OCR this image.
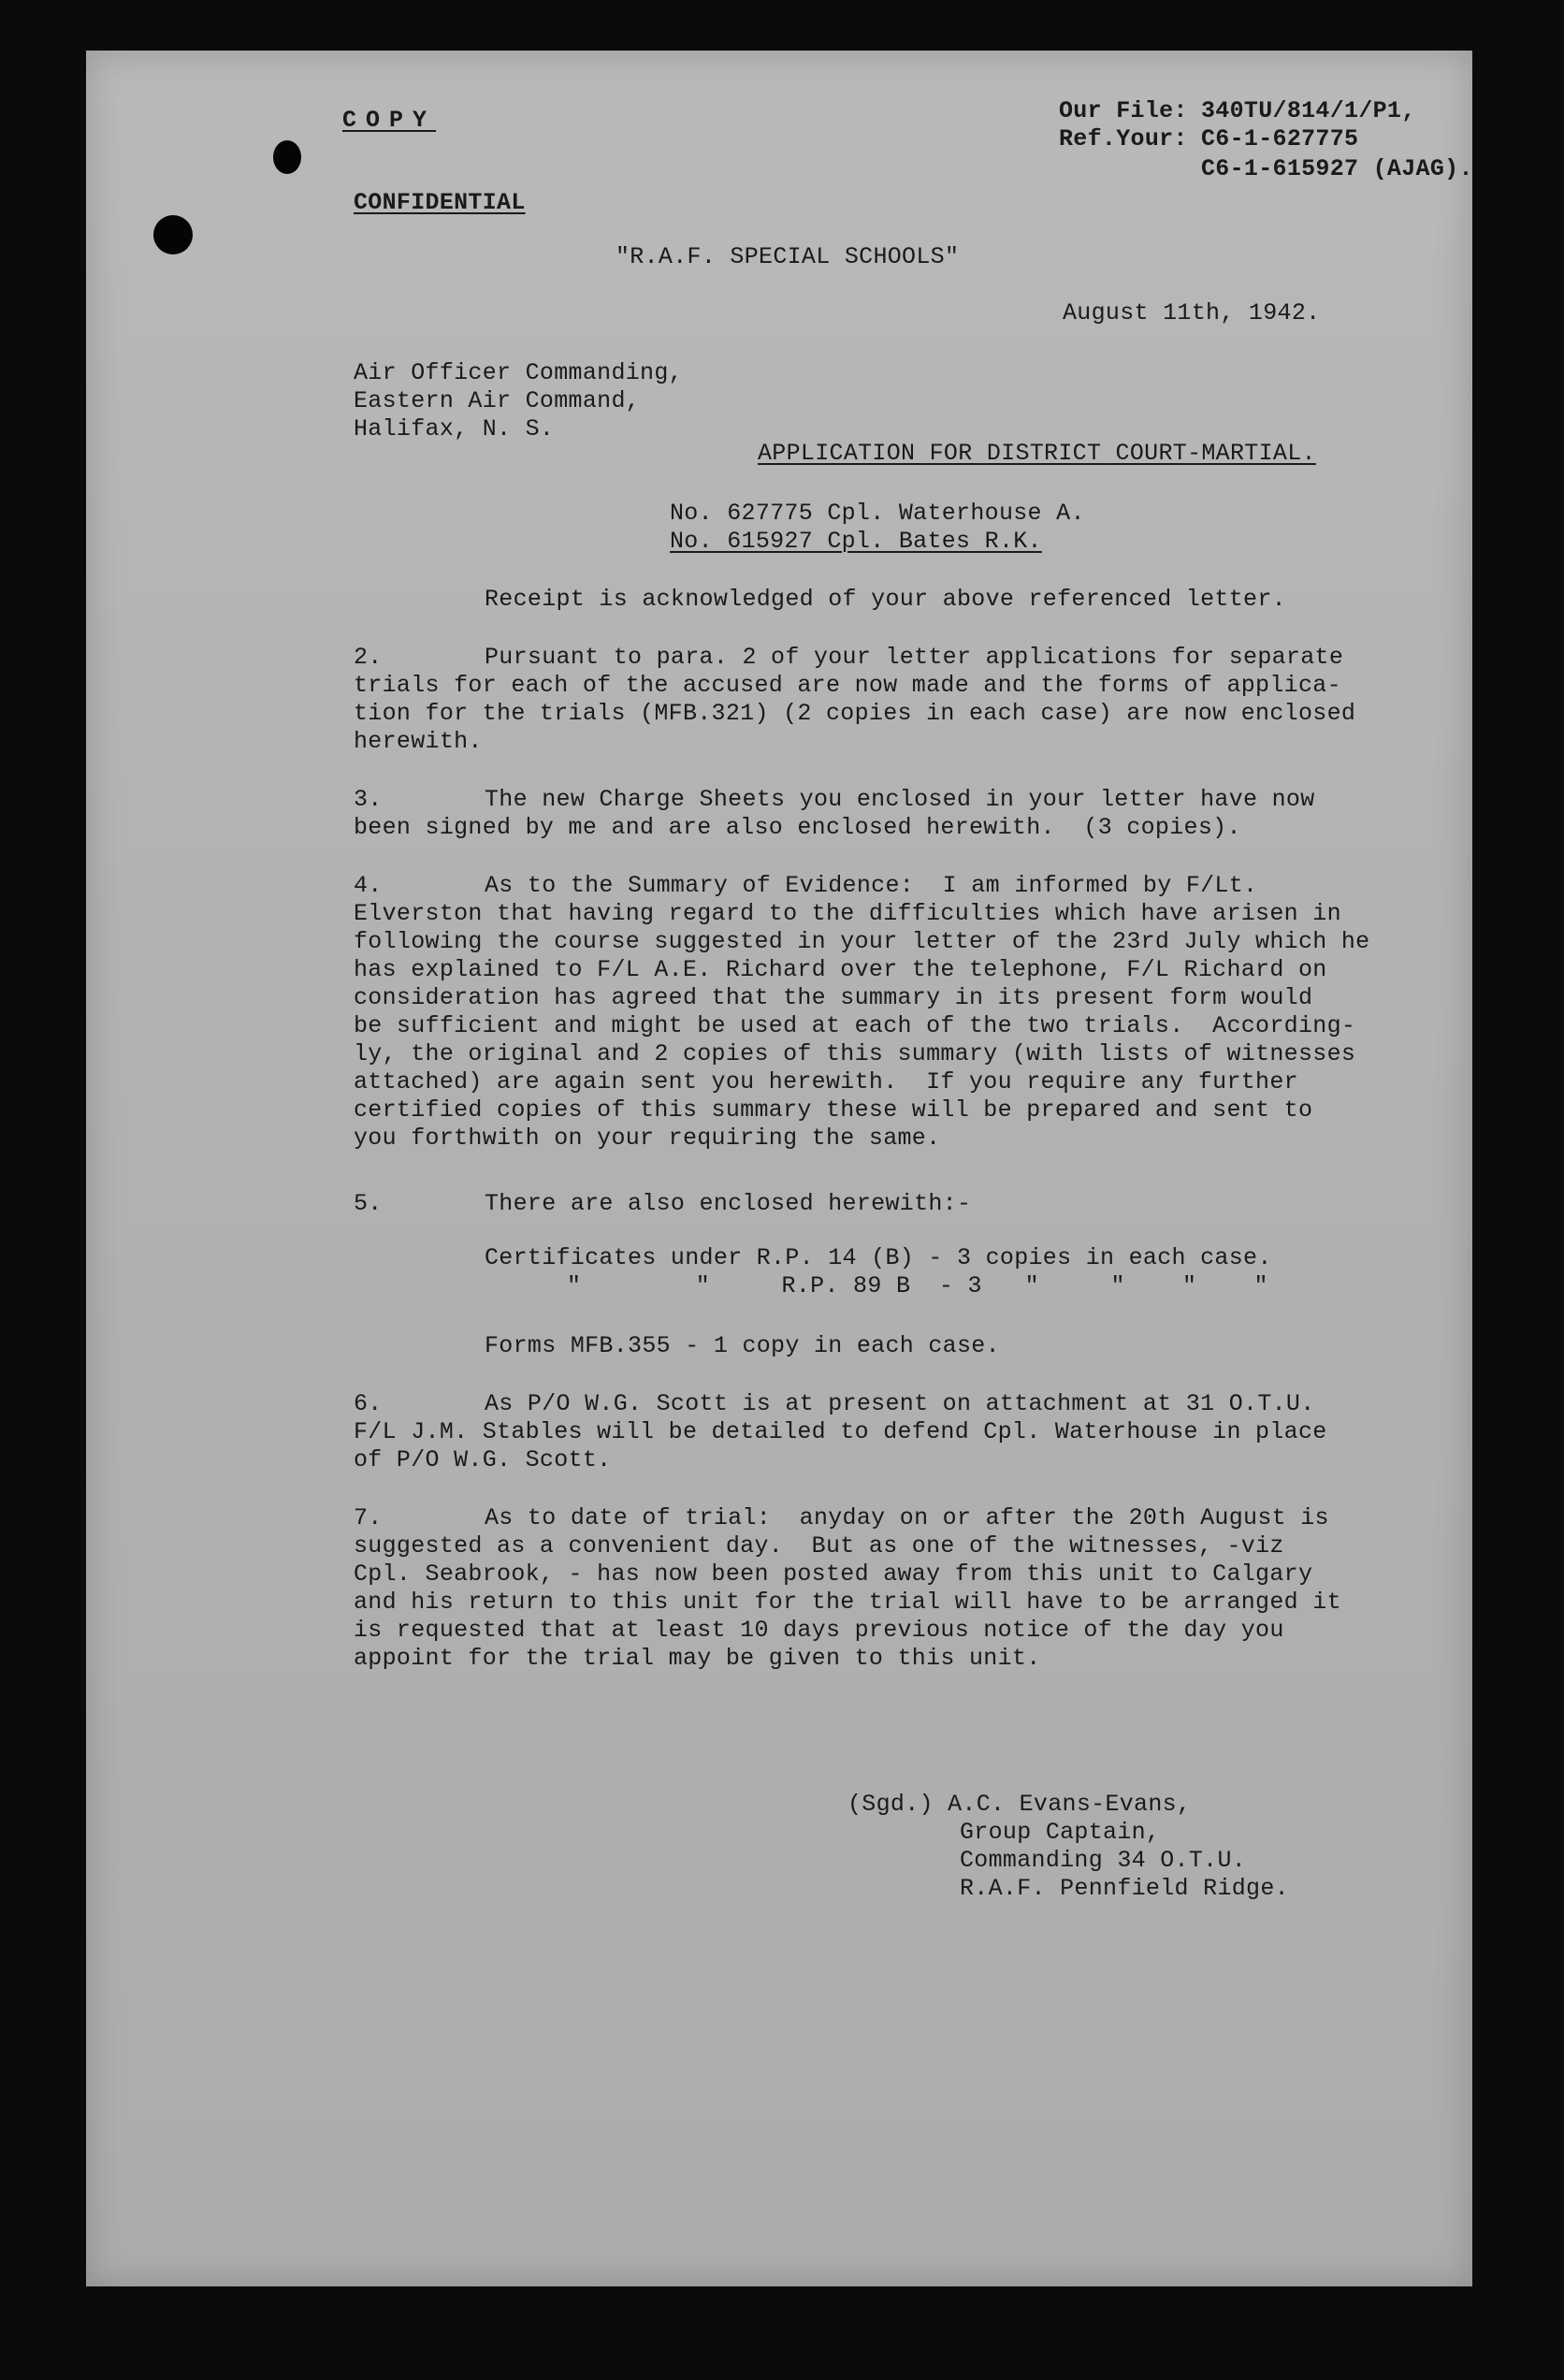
COPY
CONFIDENTIAL
"R.A.F. SPECIAL SCHOOLS"
Our File: 340TU/814/1/P1,
Ref.Your: C6-1-627775
C6-1-615927 (AJAG).
August 11th, 1942.
Air Officer Commanding,
Eastern Air Command,
Halifax, N. S.
APPLICATION FOR DISTRICT COURT-MARTIAL.
No. 627775 Cpl. Waterhouse A.
No. 615927 Cpl. Bates R.K.
Receipt is acknowledged of your above referenced letter.
2.	Pursuant to para. 2 of your letter applications for separate
trials for each of the accused are now made and the forms of applica-
tion for the trials (MFB.321) (2 copies in each case) are now enclosed
herewith.
3.	The new Charge Sheets you enclosed in your letter have now
been signed by me and are also enclosed herewith.  (3 copies).
4.	As to the Summary of Evidence:  I am informed by F/Lt.
Elverston that having regard to the difficulties which have arisen in
following the course suggested in your letter of the 23rd July which he
has explained to F/L A.E. Richard over the telephone, F/L Richard on
consideration has agreed that the summary in its present form would
be sufficient and might be used at each of the two trials.  According-
ly, the original and 2 copies of this summary (with lists of witnesses
attached) are again sent you herewith.  If you require any further
certified copies of this summary these will be prepared and sent to
you forthwith on your requiring the same.
5.	There are also enclosed herewith:-
Certificates under R.P. 14 (B) - 3 copies in each case.
"        "     R.P. 89 B  - 3   "     "    "    "
Forms MFB.355 - 1 copy in each case.
6.	As P/O W.G. Scott is at present on attachment at 31 O.T.U.
F/L J.M. Stables will be detailed to defend Cpl. Waterhouse in place
of P/O W.G. Scott.
7.	As to date of trial:  anyday on or after the 20th August is
suggested as a convenient day.  But as one of the witnesses, -viz
Cpl. Seabrook, - has now been posted away from this unit to Calgary
and his return to this unit for the trial will have to be arranged it
is requested that at least 10 days previous notice of the day you
appoint for the trial may be given to this unit.
(Sgd.) A.C. Evans-Evans,
Group Captain,
Commanding 34 O.T.U.
R.A.F. Pennfield Ridge.
